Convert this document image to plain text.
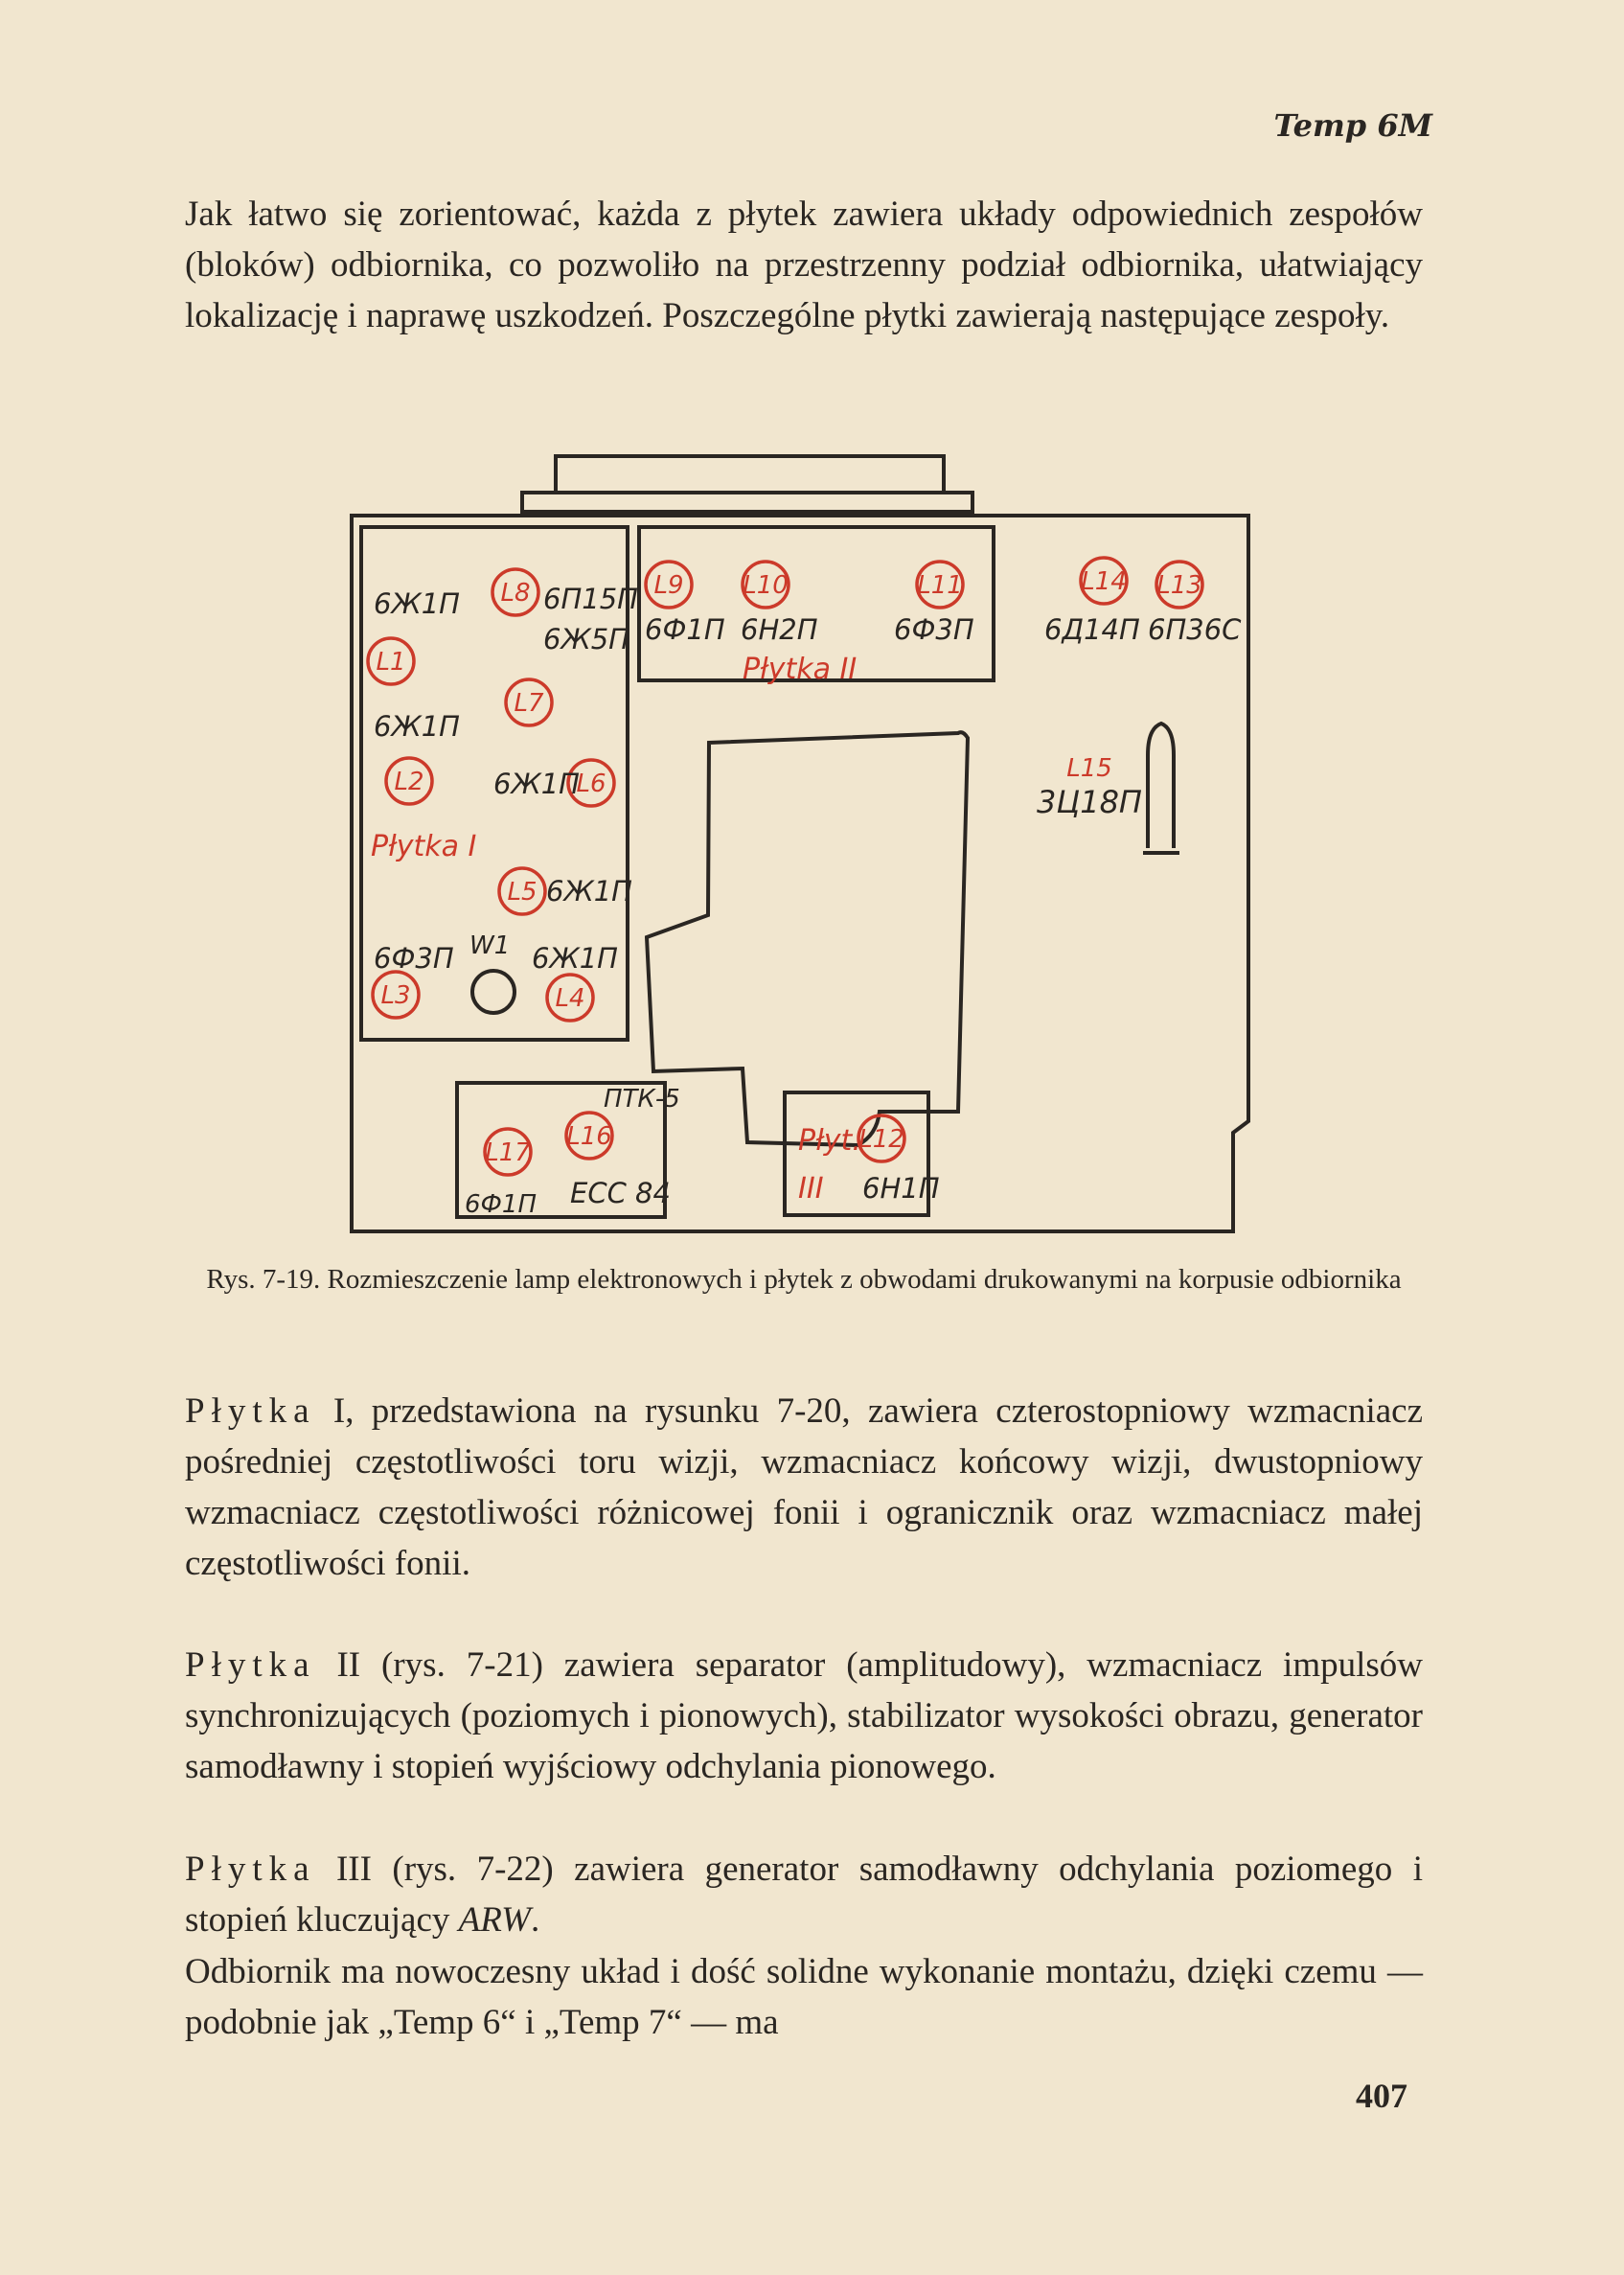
Temp 6M

Jak łatwo się zorientować, każda z płytek zawiera układy odpowiednich zespołów (bloków) odbiornika, co pozwoliło na przestrzenny podział odbiornika, ułatwiający lokalizację i naprawę uszkodzeń. Poszczególne płytki zawierają następujące zespoły.

L1
L2
L3	L4
L5
L6
L7
L8	L9 L10	L11
L12
L13
L14
L15
L16
L17
Płytka I
Płytka II
Płyt.
III
6Ж1П	6П15П
6Ж5П
6Ж1П
6Ж1П
6Ж1П
6Ф3П W1 6Ж1П
6Ф1П 6Н2П	6Ф3П	6Д14П 6П36С
3Ц18П
ПТК-5
ECC 84
6Ф1П	6Н1П
Rys. 7-19. Rozmieszczenie lamp elektronowych i płytek z obwodami drukowanymi na korpusie odbiornika

Płytka I, przedstawiona na rysunku 7-20, zawiera czterostopniowy wzmacniacz pośredniej częstotliwości toru wizji, wzmacniacz końcowy wizji, dwustopniowy wzmacniacz częstotliwości różnicowej fonii i ogranicznik oraz wzmacniacz małej częstotliwości fonii.

Płytka II (rys. 7-21) zawiera separator (amplitudowy), wzmacniacz impulsów synchronizujących (poziomych i pionowych), stabilizator wysokości obrazu, generator samodławny i stopień wyjściowy odchylania pionowego.

Płytka III (rys. 7-22) zawiera generator samodławny odchylania poziomego i stopień kluczujący ARW.

Odbiornik ma nowoczesny układ i dość solidne wykonanie montażu, dzięki czemu — podobnie jak „Temp 6“ i „Temp 7“ — ma

407
